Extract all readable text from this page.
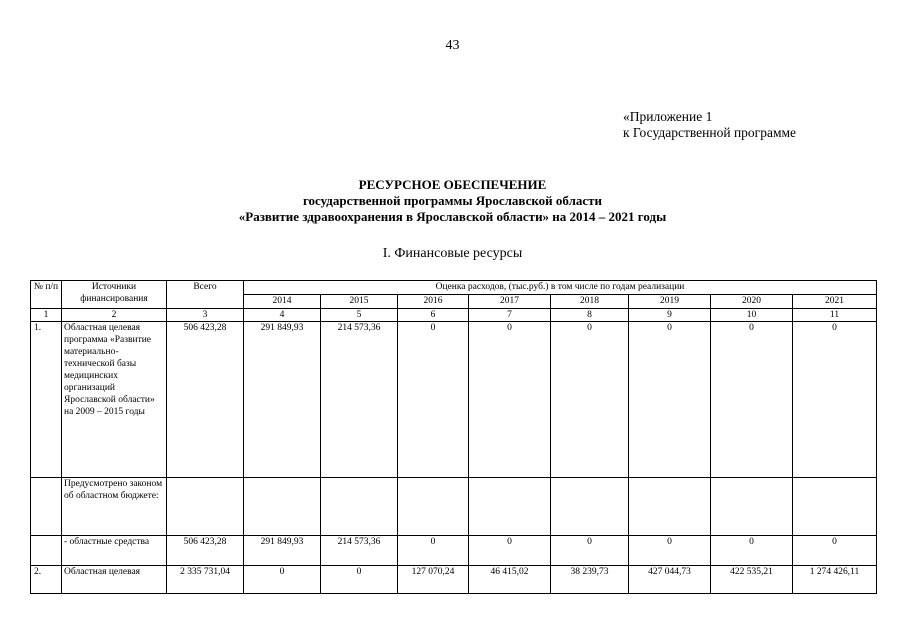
43
«Приложение 1
к Государственной программе
РЕСУРСНОЕ ОБЕСПЕЧЕНИЕ
государственной программы Ярославской области
«Развитие здравоохранения в Ярославской области» на 2014 – 2021 годы
I. Финансовые ресурсы
№ п/п	Источники финансирования	Всего	Оценка расходов, (тыс.руб.) в том числе по годам реализации							
			2014	2015	2016	2017	2018	2019	2020	2021
1	2	3	4	5	6	7	8	9	10	11
1.	Областная целевая программа «Развитие материально-технической базы медицинских организаций Ярославской области» на 2009 – 2015 годы	506 423,28	291 849,93	214 573,36	0	0	0	0	0	0
	Предусмотрено законом об областном бюджете:									
	- областные средства	506 423,28	291 849,93	214 573,36	0	0	0	0	0	0
2.	Областная целевая	2 335 731,04	0	0	127 070,24	46 415,02	38 239,73	427 044,73	422 535,21	1 274 426,11
